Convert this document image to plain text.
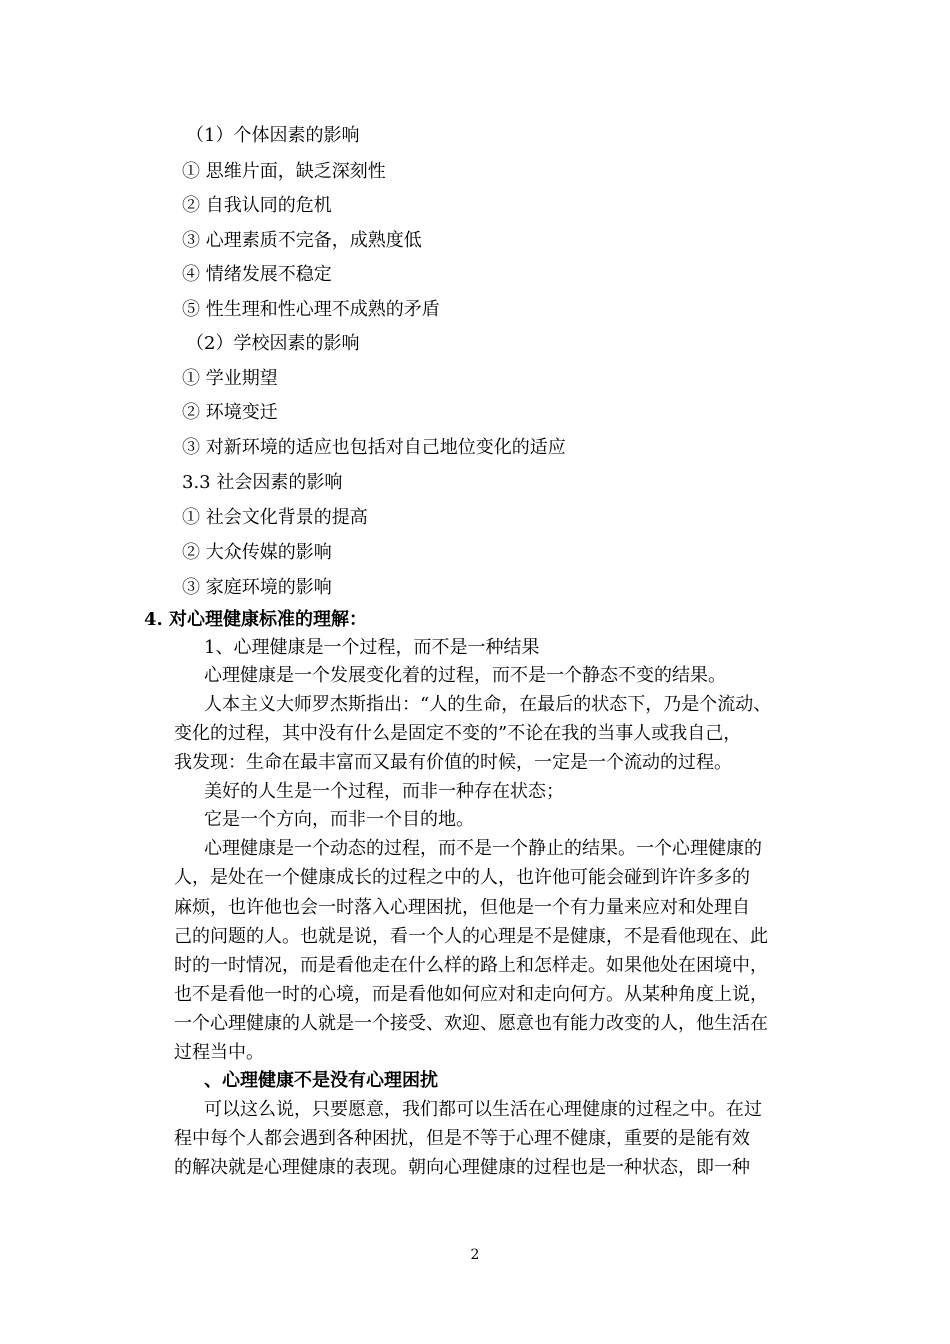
（1）个体因素的影响
① 思维片面，缺乏深刻性
② 自我认同的危机
③ 心理素质不完备，成熟度低
④ 情绪发展不稳定
⑤ 性生理和性心理不成熟的矛盾
（2）学校因素的影响
① 学业期望
② 环境变迁
③ 对新环境的适应也包括对自己地位变化的适应
3.3 社会因素的影响
① 社会文化背景的提高
② 大众传媒的影响
③ 家庭环境的影响
4. 对心理健康标准的理解：
1、心理健康是一个过程，而不是一种结果
心理健康是一个发展变化着的过程，而不是一个静态不变的结果。
人本主义大师罗杰斯指出：“人的生命，在最后的状态下，乃是个流动、
变化的过程，其中没有什么是固定不变的”不论在我的当事人或我自己，
我发现：生命在最丰富而又最有价值的时候，一定是一个流动的过程。
美好的人生是一个过程，而非一种存在状态；
它是一个方向，而非一个目的地。
心理健康是一个动态的过程，而不是一个静止的结果。一个心理健康的
人，是处在一个健康成长的过程之中的人，也许他可能会碰到许许多多的
麻烦，也许他也会一时落入心理困扰，但他是一个有力量来应对和处理自
己的问题的人。也就是说，看一个人的心理是不是健康，不是看他现在、此
时的一时情况，而是看他走在什么样的路上和怎样走。如果他处在困境中，
也不是看他一时的心境，而是看他如何应对和走向何方。从某种角度上说，
一个心理健康的人就是一个接受、欢迎、愿意也有能力改变的人，他生活在
过程当中。
、心理健康不是没有心理困扰
可以这么说，只要愿意，我们都可以生活在心理健康的过程之中。在过
程中每个人都会遇到各种困扰，但是不等于心理不健康，重要的是能有效
的解决就是心理健康的表现。朝向心理健康的过程也是一种状态，即一种
2
